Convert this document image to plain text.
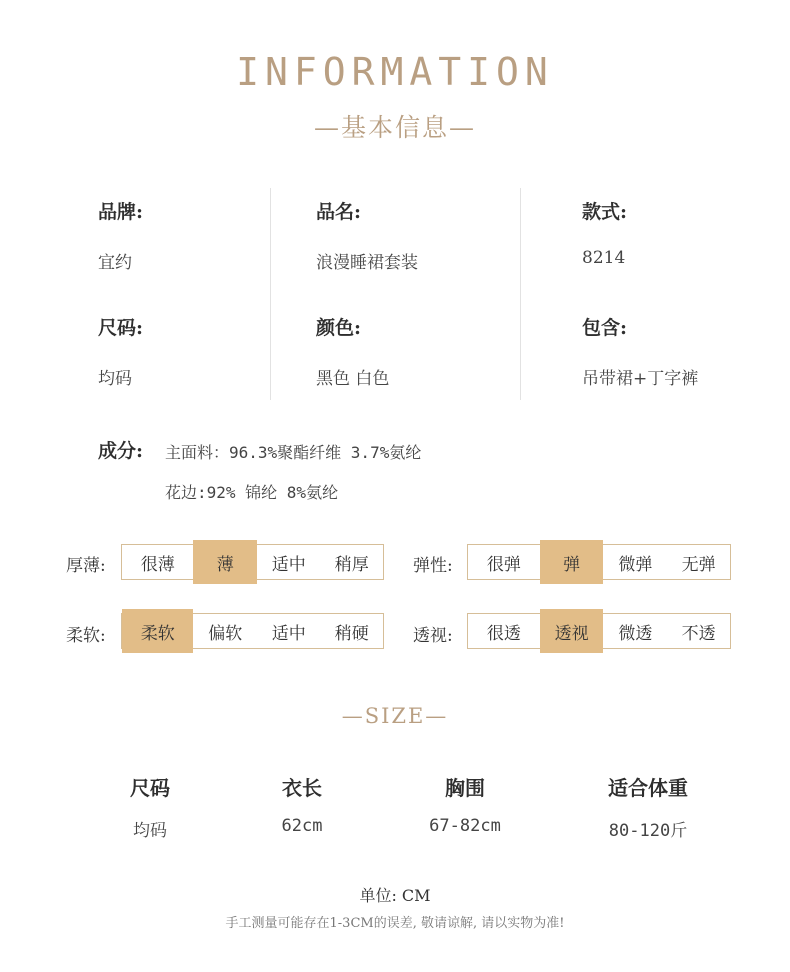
INFORMATION
—基本信息—
品牌:
宜约
品名:
浪漫睡裙套装
款式:
8214
尺码:
均码
颜色:
黑色 白色
包含:
吊带裙+丁字裤
成分: 主面料：96.3%聚酯纤维 3.7%氨纶
花边:92% 锦纶 8%氨纶
厚薄:	很薄	薄	适中	稍厚	弹性:	很弹	弹	微弹	无弹
柔软:	柔软	偏软	适中	稍硬	透视:	很透	透视	微透	不透
—SIZE—
尺码	衣长	胸围	适合体重
均码	62cm	67-82cm	80-120斤
单位: CM
手工测量可能存在1-3CM的误差, 敬请谅解, 请以实物为准!
